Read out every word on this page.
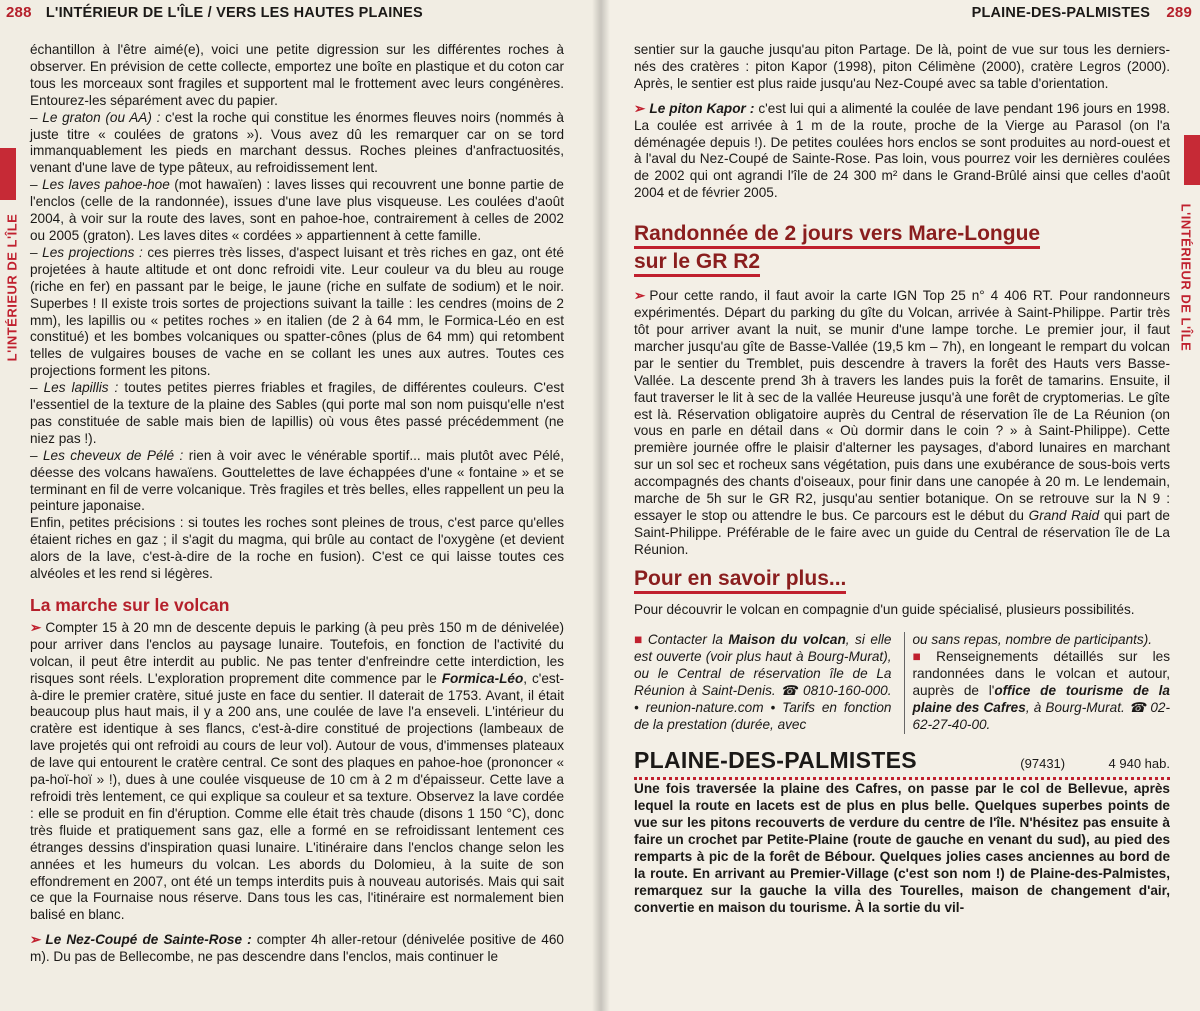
288 L'INTÉRIEUR DE L'ÎLE / VERS LES HAUTES PLAINES
L'INTÉRIEUR DE L'ÎLE

échantillon à l'être aimé(e), voici une petite digression sur les différentes roches à observer. En prévision de cette collecte, emportez une boîte en plastique et du coton car tous les morceaux sont fragiles et supportent mal le frottement avec leurs congénères. Entourez-les séparément avec du papier.

– Le graton (ou AA) : c'est la roche qui constitue les énormes fleuves noirs (nommés à juste titre « coulées de gratons »). Vous avez dû les remarquer car on se tord immanquablement les pieds en marchant dessus. Roches pleines d'anfractuosités, venant d'une lave de type pâteux, au refroidissement lent.

– Les laves pahoe-hoe (mot hawaïen) : laves lisses qui recouvrent une bonne partie de l'enclos (celle de la randonnée), issues d'une lave plus visqueuse. Les coulées d'août 2004, à voir sur la route des laves, sont en pahoe-hoe, contrairement à celles de 2002 ou 2005 (graton). Les laves dites « cordées » appartiennent à cette famille.

– Les projections : ces pierres très lisses, d'aspect luisant et très riches en gaz, ont été projetées à haute altitude et ont donc refroidi vite. Leur couleur va du bleu au rouge (riche en fer) en passant par le beige, le jaune (riche en sulfate de sodium) et le noir. Superbes ! Il existe trois sortes de projections suivant la taille : les cendres (moins de 2 mm), les lapillis ou « petites roches » en italien (de 2 à 64 mm, le Formica-Léo en est constitué) et les bombes volcaniques ou spatter-cônes (plus de 64 mm) qui retombent telles de vulgaires bouses de vache en se collant les unes aux autres. Toutes ces projections forment les pitons.

– Les lapillis : toutes petites pierres friables et fragiles, de différentes couleurs. C'est l'essentiel de la texture de la plaine des Sables (qui porte mal son nom puisqu'elle n'est pas constituée de sable mais bien de lapillis) où vous êtes passé précédemment (ne niez pas !).

– Les cheveux de Pélé : rien à voir avec le vénérable sportif... mais plutôt avec Pélé, déesse des volcans hawaïens. Gouttelettes de lave échappées d'une « fontaine » et se terminant en fil de verre volcanique. Très fragiles et très belles, elles rappellent un peu la peinture japonaise.

Enfin, petites précisions : si toutes les roches sont pleines de trous, c'est parce qu'elles étaient riches en gaz ; il s'agit du magma, qui brûle au contact de l'oxygène (et devient alors de la lave, c'est-à-dire de la roche en fusion). C'est ce qui laisse toutes ces alvéoles et les rend si légères.

La marche sur le volcan

➢ Compter 15 à 20 mn de descente depuis le parking (à peu près 150 m de dénivelée) pour arriver dans l'enclos au paysage lunaire. Toutefois, en fonction de l'activité du volcan, il peut être interdit au public. Ne pas tenter d'enfreindre cette interdiction, les risques sont réels. L'exploration proprement dite commence par le Formica-Léo, c'est-à-dire le premier cratère, situé juste en face du sentier. Il daterait de 1753. Avant, il était beaucoup plus haut mais, il y a 200 ans, une coulée de lave l'a enseveli. L'intérieur du cratère est identique à ses flancs, c'est-à-dire constitué de projections (lambeaux de lave projetés qui ont refroidi au cours de leur vol). Autour de vous, d'immenses plateaux de lave qui entourent le cratère central. Ce sont des plaques en pahoe-hoe (prononcer « pa-hoï-hoï » !), dues à une coulée visqueuse de 10 cm à 2 m d'épaisseur. Cette lave a refroidi très lentement, ce qui explique sa couleur et sa texture. Observez la lave cordée : elle se produit en fin d'éruption. Comme elle était très chaude (disons 1 150 °C), donc très fluide et pratiquement sans gaz, elle a formé en se refroidissant lentement ces étranges dessins d'inspiration quasi lunaire. L'itinéraire dans l'enclos change selon les années et les humeurs du volcan. Les abords du Dolomieu, à la suite de son effondrement en 2007, ont été un temps interdits puis à nouveau autorisés. Mais qui sait ce que la Fournaise nous réserve. Dans tous les cas, l'itinéraire est normalement bien balisé en blanc.

➢ Le Nez-Coupé de Sainte-Rose : compter 4h aller-retour (dénivelée positive de 460 m). Du pas de Bellecombe, ne pas descendre dans l'enclos, mais continuer le

PLAINE-DES-PALMISTES 289
L'INTÉRIEUR DE L'ÎLE

sentier sur la gauche jusqu'au piton Partage. De là, point de vue sur tous les derniers-nés des cratères : piton Kapor (1998), piton Célimène (2000), cratère Legros (2000). Après, le sentier est plus raide jusqu'au Nez-Coupé avec sa table d'orientation.

➢ Le piton Kapor : c'est lui qui a alimenté la coulée de lave pendant 196 jours en 1998. La coulée est arrivée à 1 m de la route, proche de la Vierge au Parasol (on l'a déménagée depuis !). De petites coulées hors enclos se sont produites au nord-ouest et à l'aval du Nez-Coupé de Sainte-Rose. Pas loin, vous pourrez voir les dernières coulées de 2002 qui ont agrandi l'île de 24 300 m² dans le Grand-Brûlé ainsi que celles d'août 2004 et de février 2005.

Randonnée de 2 jours vers Mare-Longue
sur le GR R2

➢ Pour cette rando, il faut avoir la carte IGN Top 25 n° 4 406 RT. Pour randonneurs expérimentés. Départ du parking du gîte du Volcan, arrivée à Saint-Philippe. Partir très tôt pour arriver avant la nuit, se munir d'une lampe torche. Le premier jour, il faut marcher jusqu'au gîte de Basse-Vallée (19,5 km – 7h), en longeant le rempart du volcan par le sentier du Tremblet, puis descendre à travers la forêt des Hauts vers Basse-Vallée. La descente prend 3h à travers les landes puis la forêt de tamarins. Ensuite, il faut traverser le lit à sec de la vallée Heureuse jusqu'à une forêt de cryptomerias. Le gîte est là. Réservation obligatoire auprès du Central de réservation île de La Réunion (on vous en parle en détail dans « Où dormir dans le coin ? » à Saint-Philippe). Cette première journée offre le plaisir d'alterner les paysages, d'abord lunaires en marchant sur un sol sec et rocheux sans végétation, puis dans une exubérance de sous-bois verts accompagnés des chants d'oiseaux, pour finir dans une canopée à 20 m. Le lendemain, marche de 5h sur le GR R2, jusqu'au sentier botanique. On se retrouve sur la N 9 : essayer le stop ou attendre le bus. Ce parcours est le début du Grand Raid qui part de Saint-Philippe. Préférable de le faire avec un guide du Central de réservation île de La Réunion.

Pour en savoir plus...

Pour découvrir le volcan en compagnie d'un guide spécialisé, plusieurs possibilités.

■ Contacter la Maison du volcan, si elle est ouverte (voir plus haut à Bourg-Murat), ou le Central de réservation île de La Réunion à Saint-Denis. ☎ 0810-160-000. • reunion-nature.com • Tarifs en fonction de la prestation (durée, avec
ou sans repas, nombre de participants).
■ Renseignements détaillés sur les randonnées dans le volcan et autour, auprès de l'office de tourisme de la plaine des Cafres, à Bourg-Murat. ☎ 02-62-27-40-00.
PLAINE-DES-PALMISTES	(97431)	4 940 hab.

Une fois traversée la plaine des Cafres, on passe par le col de Bellevue, après lequel la route en lacets est de plus en plus belle. Quelques superbes points de vue sur les pitons recouverts de verdure du centre de l'île. N'hésitez pas ensuite à faire un crochet par Petite-Plaine (route de gauche en venant du sud), au pied des remparts à pic de la forêt de Bébour. Quelques jolies cases anciennes au bord de la route. En arrivant au Premier-Village (c'est son nom !) de Plaine-des-Palmistes, remarquez sur la gauche la villa des Tourelles, maison de changement d'air, convertie en maison du tourisme. À la sortie du vil-
